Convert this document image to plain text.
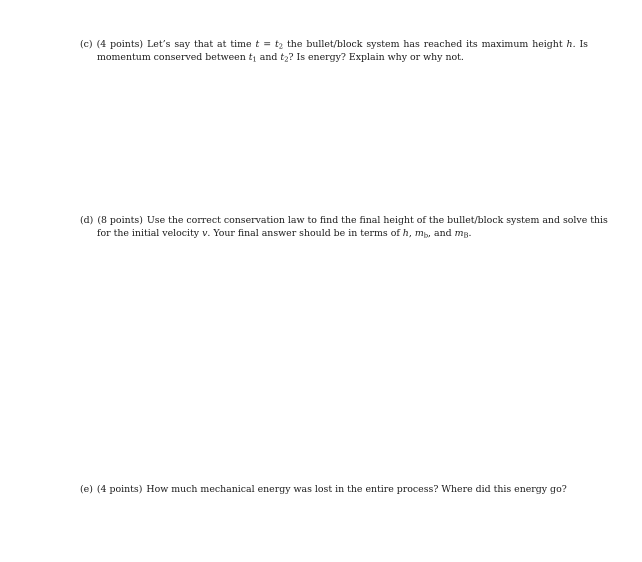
(c) (4 points) Let’s say that at time $t = t_2$ the bullet/block system has reached its maximum height h. Is
momentum conserved between $t_1$ and $t_2$? Is energy? Explain why or why not.
(d) (8 points) Use the correct conservation law to find the final height of the bullet/block system and solve this
for the initial velocity v. Your final answer should be in terms of h, $m_b$, and $m_B$.
(e) (4 points) How much mechanical energy was lost in the entire process? Where did this energy go?
